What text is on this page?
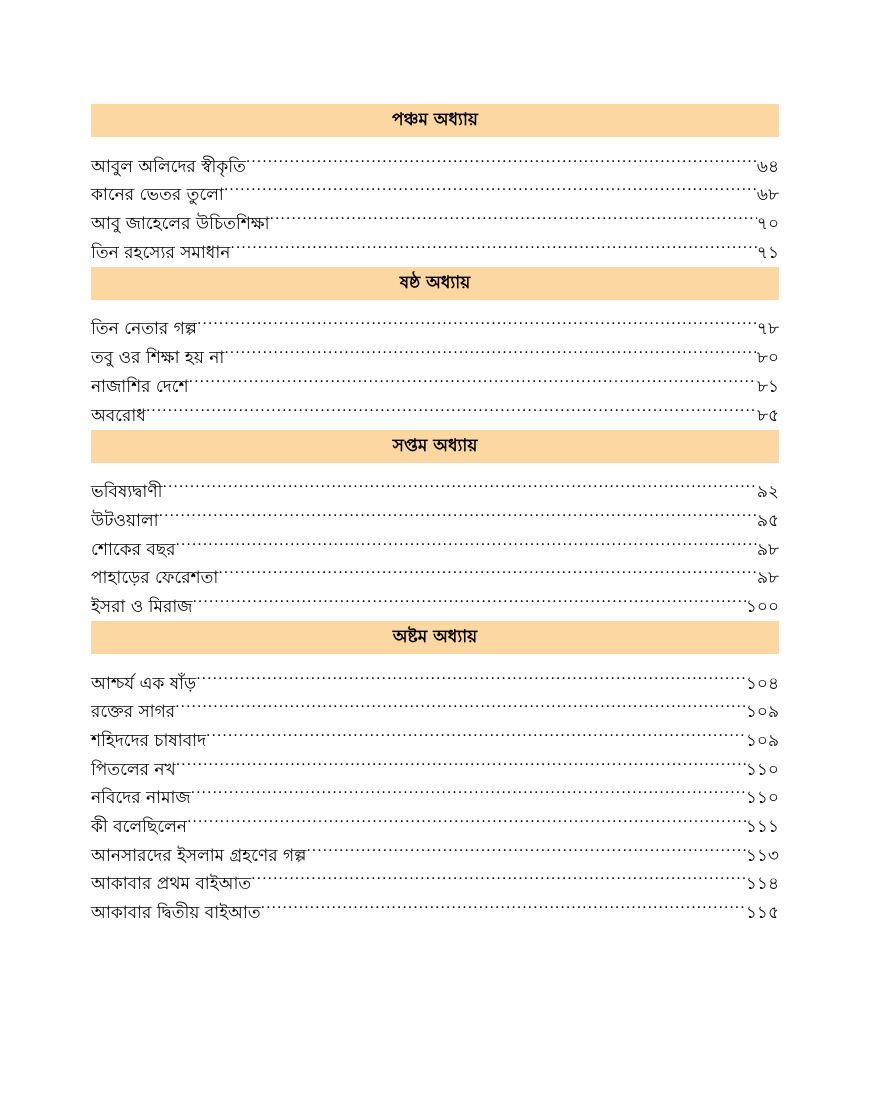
পঞ্চম অধ্যায়
আবুল অলিদের স্বীকৃতি .....	৬৪
কানের ভেতর তুলো .....	৬৮
আবু জাহেলের উচিতশিক্ষা .....	৭০
তিন রহস্যের সমাধান .....	৭১
ষষ্ঠ অধ্যায়
তিন নেতার গল্প .....	৭৮
তবু ওর শিক্ষা হয় না .....	৮০
নাজাশির দেশে .....	৮১
অবরোধ .....	৮৫
সপ্তম অধ্যায়
ভবিষ্যদ্বাণী .....	৯২
উটওয়ালা .....	৯৫
শোকের বছর .....	৯৮
পাহাড়ের ফেরেশতা .....	৯৮
ইসরা ও মিরাজ .....	১০০
অষ্টম অধ্যায়
আশ্চর্য এক ষাঁড় .....	১০৪
রক্তের সাগর .....	১০৯
শহিদদের চাষাবাদ .....	১০৯
পিতলের নখ .....	১১০
নবিদের নামাজ .....	১১০
কী বলেছিলেন .....	১১১
আনসারদের ইসলাম গ্রহণের গল্প .....	১১৩
আকাবার প্রথম বাইআত .....	১১৪
আকাবার দ্বিতীয় বাইআত .....	১১৫
